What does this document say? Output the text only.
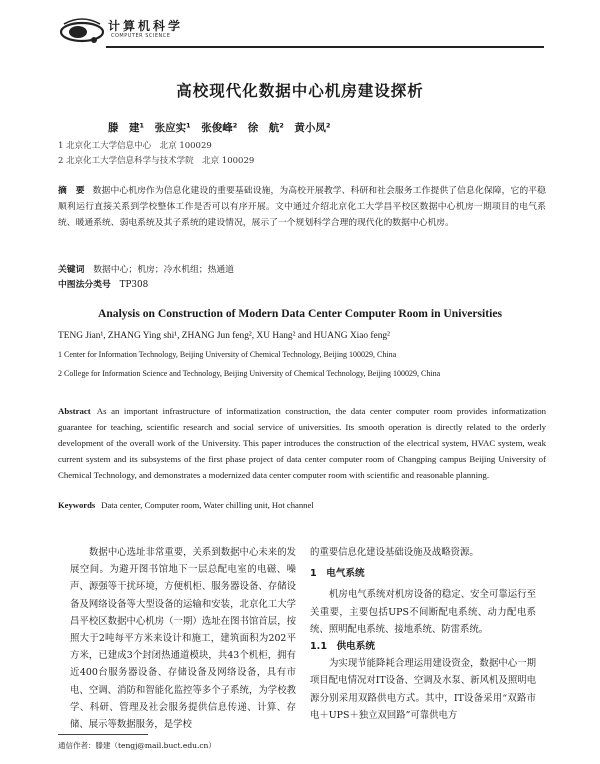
计算机科学
COMPUTER SCIENCE
高校现代化数据中心机房建设探析
滕　建¹　张应实¹　张俊峰²　徐　航²　黄小凤²
1 北京化工大学信息中心　北京 100029
2 北京化工大学信息科学与技术学院　北京 100029
摘　要 数据中心机房作为信息化建设的重要基础设施，为高校开展教学、科研和社会服务工作提供了信息化保障，它的平稳顺利运行直接关系到学校整体工作是否可以有序开展。文中通过介绍北京化工大学昌平校区数据中心机房一期项目的电气系统、暖通系统、弱电系统及其子系统的建设情况，展示了一个规划科学合理的现代化的数据中心机房。
关键词　 数据中心；机房；冷水机组；热通道
中图法分类号　 TP308
Analysis on Construction of Modern Data Center Computer Room in Universities
TENG Jian¹, ZHANG Ying shi¹, ZHANG Jun feng², XU Hang² and HUANG Xiao feng²
1 Center for Information Technology, Beijing University of Chemical Technology, Beijing 100029, China
2 College for Information Science and Technology, Beijing University of Chemical Technology, Beijing 100029, China
Abstract As an important infrastructure of informatization construction, the data center computer room provides informatization guarantee for teaching, scientific research and social service of universities. Its smooth operation is directly related to the orderly development of the overall work of the University. This paper introduces the construction of the electrical system, HVAC system, weak current system and its subsystems of the first phase project of data center computer room of Changping campus Beijing University of Chemical Technology, and demonstrates a modernized data center computer room with scientific and reasonable planning.
Keywords Data center, Computer room, Water chilling unit, Hot channel
数据中心选址非常重要，关系到数据中心未来的发展空间。为避开图书馆地下一层总配电室的电磁、噪声、源强等干扰环境，方便机柜、服务器设备、存储设备及网络设备等大型设备的运输和安装，北京化工大学昌平校区数据中心机房（一期）选址在图书馆首层，按照大于2吨每平方米来设计和施工，建筑面积为202平方米，已建成3个封闭热通道模块，共43个机柜，拥有近400台服务器设备、存储设备及网络设备，具有市电、空调、消防和智能化监控等多个子系统，为学校教学、科研、管理及社会服务提供信息传递、计算、存储、展示等数据服务，是学校

的重要信息化建设基础设施及战略资源。

1　电气系统

机房电气系统对机房设备的稳定、安全可靠运行至关重要，主要包括UPS不间断配电系统、动力配电系统、照明配电系统、接地系统、防雷系统。

1.1　供电系统

为实现节能降耗合理运用建设资金，数据中心一期项目配电情况对IT设备、空调及水泵、新风机及照明电源分别采用双路供电方式。其中，IT设备采用“双路市电＋UPS＋独立双回路”可靠供电方

通信作者：滕建（tengj@mail.buct.edu.cn）
